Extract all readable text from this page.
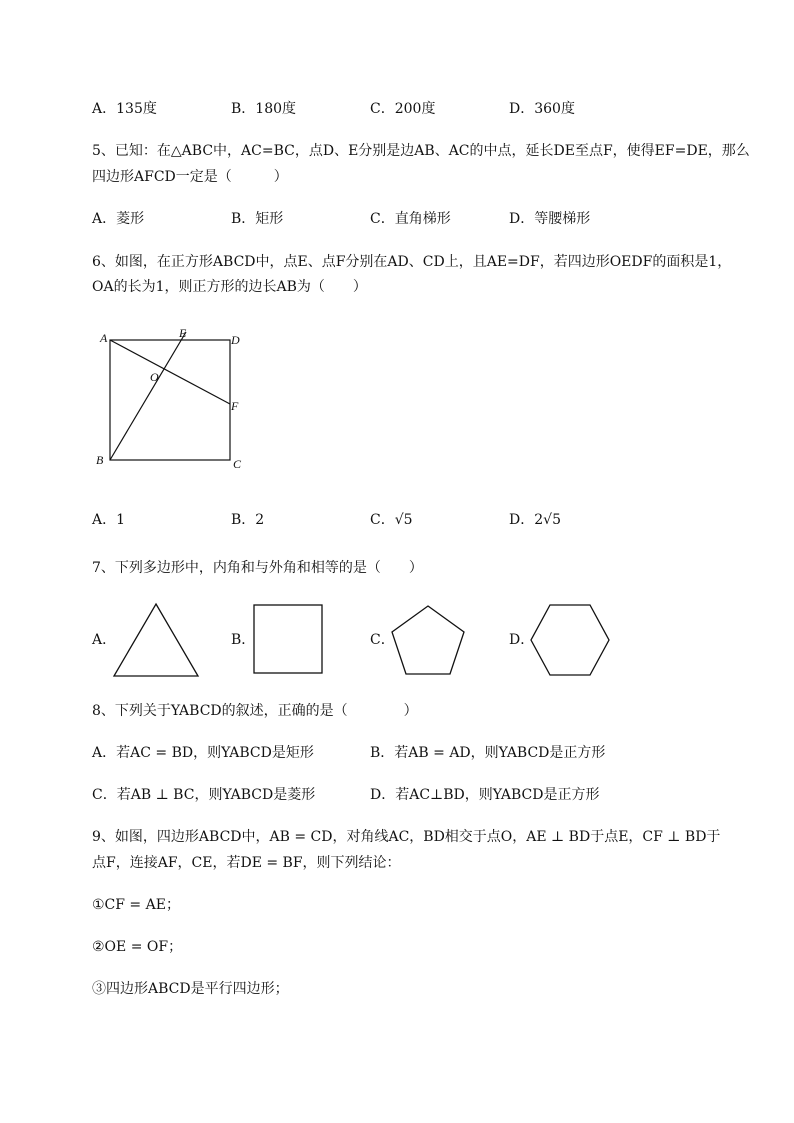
A．135度	B．180度	C．200度	D．360度
5、已知：在△ABC中，AC=BC，点D、E分别是边AB、AC的中点，延长DE至点F，使得EF=DE，那么
四边形AFCD一定是（　　　）
A．菱形	B．矩形	C．直角梯形	D．等腰梯形
6、如图，在正方形ABCD中，点E、点F分别在AD、CD上，且AE=DF，若四边形OEDF的面积是1，
OA的长为1，则正方形的边长AB为（　　）
A	E	D
O
F
B	C
A．1	B．2	C．√5	D．2√5
7、下列多边形中，内角和与外角和相等的是（　　）
A．	B．	C．	D．
8、下列关于YABCD的叙述，正确的是（　　　　）
A．若AC = BD，则YABCD是矩形	B．若AB = AD，则YABCD是正方形
C．若AB ⊥ BC，则YABCD是菱形	D．若AC⊥BD，则YABCD是正方形
9、如图，四边形ABCD中，AB = CD，对角线AC，BD相交于点O，AE ⊥ BD于点E，CF ⊥ BD于
点F，连接AF，CE，若DE = BF，则下列结论：
①CF = AE；
②OE = OF；
③四边形ABCD是平行四边形；
